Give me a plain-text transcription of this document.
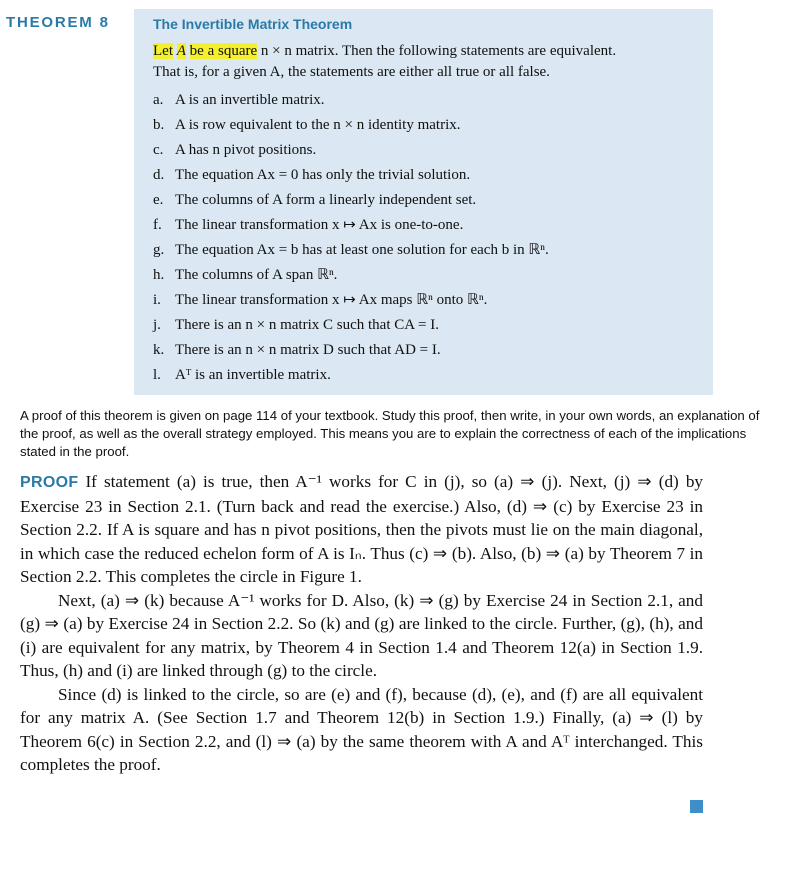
THEOREM 8	The Invertible Matrix Theorem
Let A be a square n × n matrix. Then the following statements are equivalent.
That is, for a given A, the statements are either all true or all false.
a. A is an invertible matrix.
b. A is row equivalent to the n × n identity matrix.
c. A has n pivot positions.
d. The equation Ax = 0 has only the trivial solution.
e. The columns of A form a linearly independent set.
f. The linear transformation x ↦ Ax is one-to-one.
g. The equation Ax = b has at least one solution for each b in ℝⁿ.
h. The columns of A span ℝⁿ.
i. The linear transformation x ↦ Ax maps ℝⁿ onto ℝⁿ.
j. There is an n × n matrix C such that CA = I.
k. There is an n × n matrix D such that AD = I.
l. Aᵀ is an invertible matrix.
A proof of this theorem is given on page 114 of your textbook. Study this proof, then write, in your own words, an explanation of the proof, as well as the overall strategy employed. This means you are to explain the correctness of each of the implications stated in the proof.

PROOF If statement (a) is true, then A⁻¹ works for C in (j), so (a) ⇒ (j). Next, (j) ⇒ (d) by Exercise 23 in Section 2.1. (Turn back and read the exercise.) Also, (d) ⇒ (c) by Exercise 23 in Section 2.2. If A is square and has n pivot positions, then the pivots must lie on the main diagonal, in which case the reduced echelon form of A is Iₙ. Thus (c) ⇒ (b). Also, (b) ⇒ (a) by Theorem 7 in Section 2.2. This completes the circle in Figure 1.

Next, (a) ⇒ (k) because A⁻¹ works for D. Also, (k) ⇒ (g) by Exercise 24 in Section 2.1, and (g) ⇒ (a) by Exercise 24 in Section 2.2. So (k) and (g) are linked to the circle. Further, (g), (h), and (i) are equivalent for any matrix, by Theorem 4 in Section 1.4 and Theorem 12(a) in Section 1.9. Thus, (h) and (i) are linked through (g) to the circle.

Since (d) is linked to the circle, so are (e) and (f), because (d), (e), and (f) are all equivalent for any matrix A. (See Section 1.7 and Theorem 12(b) in Section 1.9.) Finally, (a) ⇒ (l) by Theorem 6(c) in Section 2.2, and (l) ⇒ (a) by the same theorem with A and Aᵀ interchanged. This completes the proof.
